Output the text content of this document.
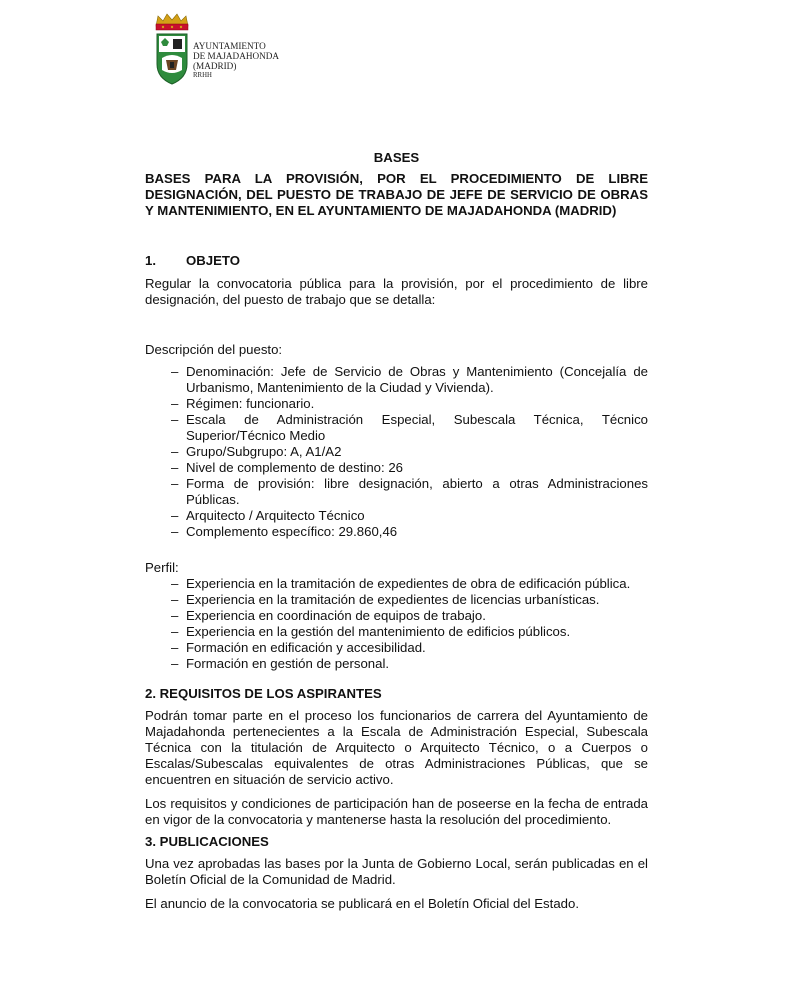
AYUNTAMIENTO
DE MAJADAHONDA
(MADRID)
RRHH
BASES

BASES PARA LA PROVISIÓN, POR EL PROCEDIMIENTO DE LIBRE DESIGNACIÓN, DEL PUESTO DE TRABAJO DE JEFE DE SERVICIO DE OBRAS Y MANTENIMIENTO, EN EL AYUNTAMIENTO DE MAJADAHONDA (MADRID)

1.	OBJETO

Regular la convocatoria pública para la provisión, por el procedimiento de libre designación, del puesto de trabajo que se detalla:

Descripción del puesto:
– Denominación: Jefe de Servicio de Obras y Mantenimiento (Concejalía de Urbanismo, Mantenimiento de la Ciudad y Vivienda).
– Régimen: funcionario.
– Escala de Administración Especial, Subescala Técnica, Técnico Superior/Técnico Medio
– Grupo/Subgrupo: A, A1/A2
– Nivel de complemento de destino: 26
– Forma de provisión: libre designación, abierto a otras Administraciones Públicas.
– Arquitecto / Arquitecto Técnico
– Complemento específico: 29.860,46
Perfil:
– Experiencia en la tramitación de expedientes de obra de edificación pública.
– Experiencia en la tramitación de expedientes de licencias urbanísticas.
– Experiencia en coordinación de equipos de trabajo.
– Experiencia en la gestión del mantenimiento de edificios públicos.
– Formación en edificación y accesibilidad.
– Formación en gestión de personal.
2. REQUISITOS DE LOS ASPIRANTES

Podrán tomar parte en el proceso los funcionarios de carrera del Ayuntamiento de Majadahonda pertenecientes a la Escala de Administración Especial, Subescala Técnica con la titulación de Arquitecto o Arquitecto Técnico, o a Cuerpos o Escalas/Subescalas equivalentes de otras Administraciones Públicas, que se encuentren en situación de servicio activo.

Los requisitos y condiciones de participación han de poseerse en la fecha de entrada en vigor de la convocatoria y mantenerse hasta la resolución del procedimiento.

3. PUBLICACIONES

Una vez aprobadas las bases por la Junta de Gobierno Local, serán publicadas en el Boletín Oficial de la Comunidad de Madrid.

El anuncio de la convocatoria se publicará en el Boletín Oficial del Estado.
